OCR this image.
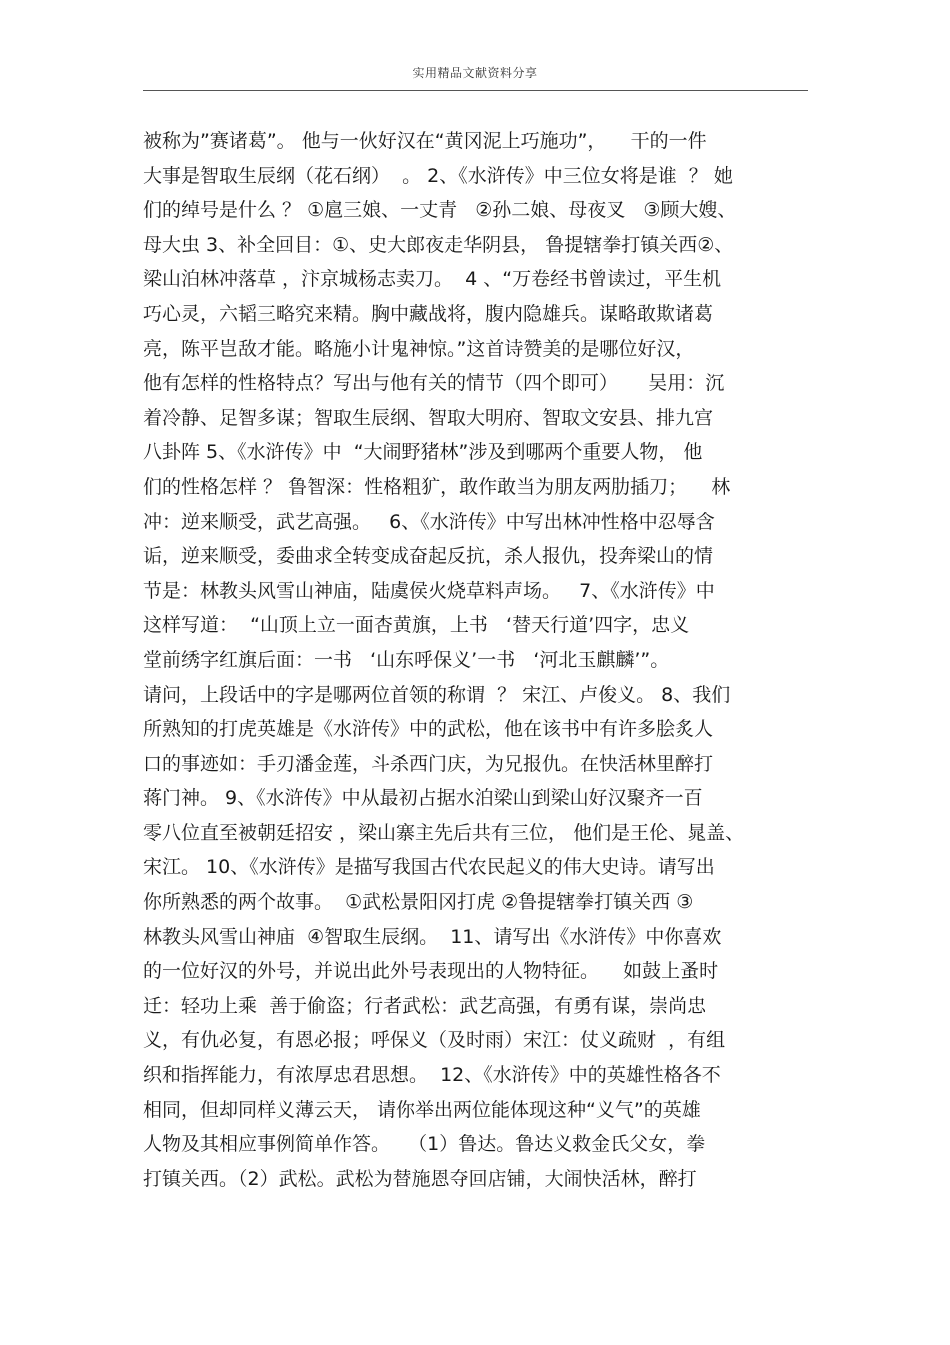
实用精品文献资料分享
被称为”赛诸葛”。 他与一伙好汉在“黄冈泥上巧施功”，    干的一件
大事是智取生辰纲（花石纲）  。 2、《水浒传》中三位女将是谁  ？ 她
们的绰号是什么 ？ ①扈三娘、一丈青   ②孙二娘、母夜叉   ③顾大嫂、
母大虫 3、补全回目：①、史大郎夜走华阴县， 鲁提辖拳打镇关西②、
梁山泊林冲落草 ，汴京城杨志卖刀。  4 、“万卷经书曾读过，平生机
巧心灵，六韬三略究来精。胸中藏战将，腹内隐雄兵。谋略敢欺诸葛
亮，陈平岂敌才能。略施小计鬼神惊。”这首诗赞美的是哪位好汉，
他有怎样的性格特点？写出与他有关的情节（四个即可）     吴用：沉
着冷静、足智多谋；智取生辰纲、智取大明府、智取文安县、排九宫
八卦阵 5、《水浒传》中  “大闹野猪林”涉及到哪两个重要人物， 他
们的性格怎样 ？ 鲁智深：性格粗犷，敢作敢当为朋友两肋插刀；    林
冲：逆来顺受，武艺高强。   6、《水浒传》中写出林冲性格中忍辱含
诟，逆来顺受，委曲求全转变成奋起反抗，杀人报仇，投奔梁山的情
节是：林教头风雪山神庙，陆虞侯火烧草料声场。   7、《水浒传》中
这样写道：  “山顶上立一面杏黄旗，上书   ‘替天行道’四字，忠义
堂前绣字红旗后面：一书   ‘山东呼保义’一书   ‘河北玉麒麟’”。
请问，上段话中的字是哪两位首领的称谓  ？ 宋江、卢俊义。 8、我们
所熟知的打虎英雄是《水浒传》中的武松，他在该书中有许多脍炙人
口的事迹如：手刃潘金莲，斗杀西门庆，为兄报仇。在快活林里醉打
蒋门神。 9、《水浒传》中从最初占据水泊梁山到梁山好汉聚齐一百
零八位直至被朝廷招安 ，梁山寨主先后共有三位， 他们是王伦、晁盖、
宋江。 10、《水浒传》是描写我国古代农民起义的伟大史诗。请写出
你所熟悉的两个故事。  ①武松景阳冈打虎 ②鲁提辖拳打镇关西 ③
林教头风雪山神庙  ④智取生辰纲。  11、请写出《水浒传》中你喜欢
的一位好汉的外号，并说出此外号表现出的人物特征。    如鼓上蚤时
迁：轻功上乘  善于偷盗；行者武松：武艺高强，有勇有谋，崇尚忠
义，有仇必复，有恩必报；呼保义（及时雨）宋江：仗义疏财  ，有组
织和指挥能力，有浓厚忠君思想。  12、《水浒传》中的英雄性格各不
相同，但却同样义薄云天， 请你举出两位能体现这种“义气”的英雄
人物及其相应事例简单作答。   （1）鲁达。鲁达义救金氏父女，拳
打镇关西。（2）武松。武松为替施恩夺回店铺，大闹快活林，醉打
